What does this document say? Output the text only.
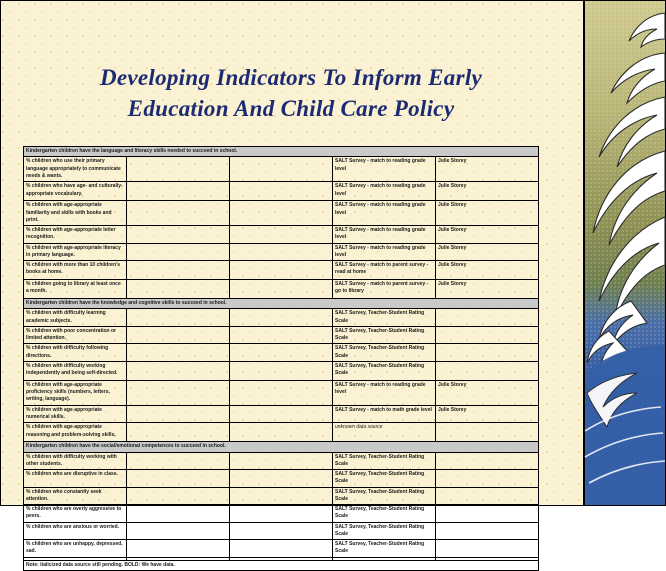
Developing Indicators To Inform Early
Education And Child Care Policy
Kindergarten children have the language and literacy skills needed to succeed in school.				
% children who use their primary language appropriately to communicate needs & wants.			SALT Survey - match to reading grade level	Julie Storey
% children who have age- and culturally-appropriate vocabulary.			SALT Survey - match to reading grade level	Julie Storey
% children with age-appropriate familiarity and skills with books and print.			SALT Survey - match to reading grade level	Julie Storey
% children with age-appropriate letter recognition.			SALT Survey - match to reading grade level	Julie Storey
% children with age-appropriate literacy in primary language.			SALT Survey - match to reading grade level	Julie Storey
% children with more than 10 children's books at home.			SALT Survey - match to parent survey - read at home	Julie Storey
% children going to library at least once a month.			SALT Survey - match to parent survey - go to library	Julie Storey
Kindergarten children have the knowledge and cognitive skills to succeed in school.				
% children with difficulty learning academic subjects.			SALT Survey, Teacher-Student Rating Scale	
% children with poor concentration or limited attention.			SALT Survey, Teacher-Student Rating Scale	
% children with difficulty following directions.			SALT Survey, Teacher-Student Rating Scale	
% children with difficulty working independently and being self-directed.			SALT Survey, Teacher-Student Rating Scale	
% children with age-appropriate proficiency skills (numbers, letters, writing, language).			SALT Survey - match to reading grade level	Julie Storey
% children with age-appropriate numerical skills.			SALT Survey - match to math grade level	Julie Storey
% children with age-appropriate reasoning and problem-solving skills.			unknown data source	
Kindergarten children have the social/emotional competences to succeed in school.				
% children with difficulty working with other students.			SALT Survey, Teacher-Student Rating Scale	
% children who are disruptive in class.			SALT Survey, Teacher-Student Rating Scale	
% children who constantly seek attention.			SALT Survey, Teacher-Student Rating Scale	
% children who are overly aggressive to peers.			SALT Survey, Teacher-Student Rating Scale	
% children who are anxious or worried.			SALT Survey, Teacher-Student Rating Scale	
% children who are unhappy, depressed, sad.			SALT Survey, Teacher-Student Rating Scale	

Note: italicized data source still pending. BOLD: We have data.				
